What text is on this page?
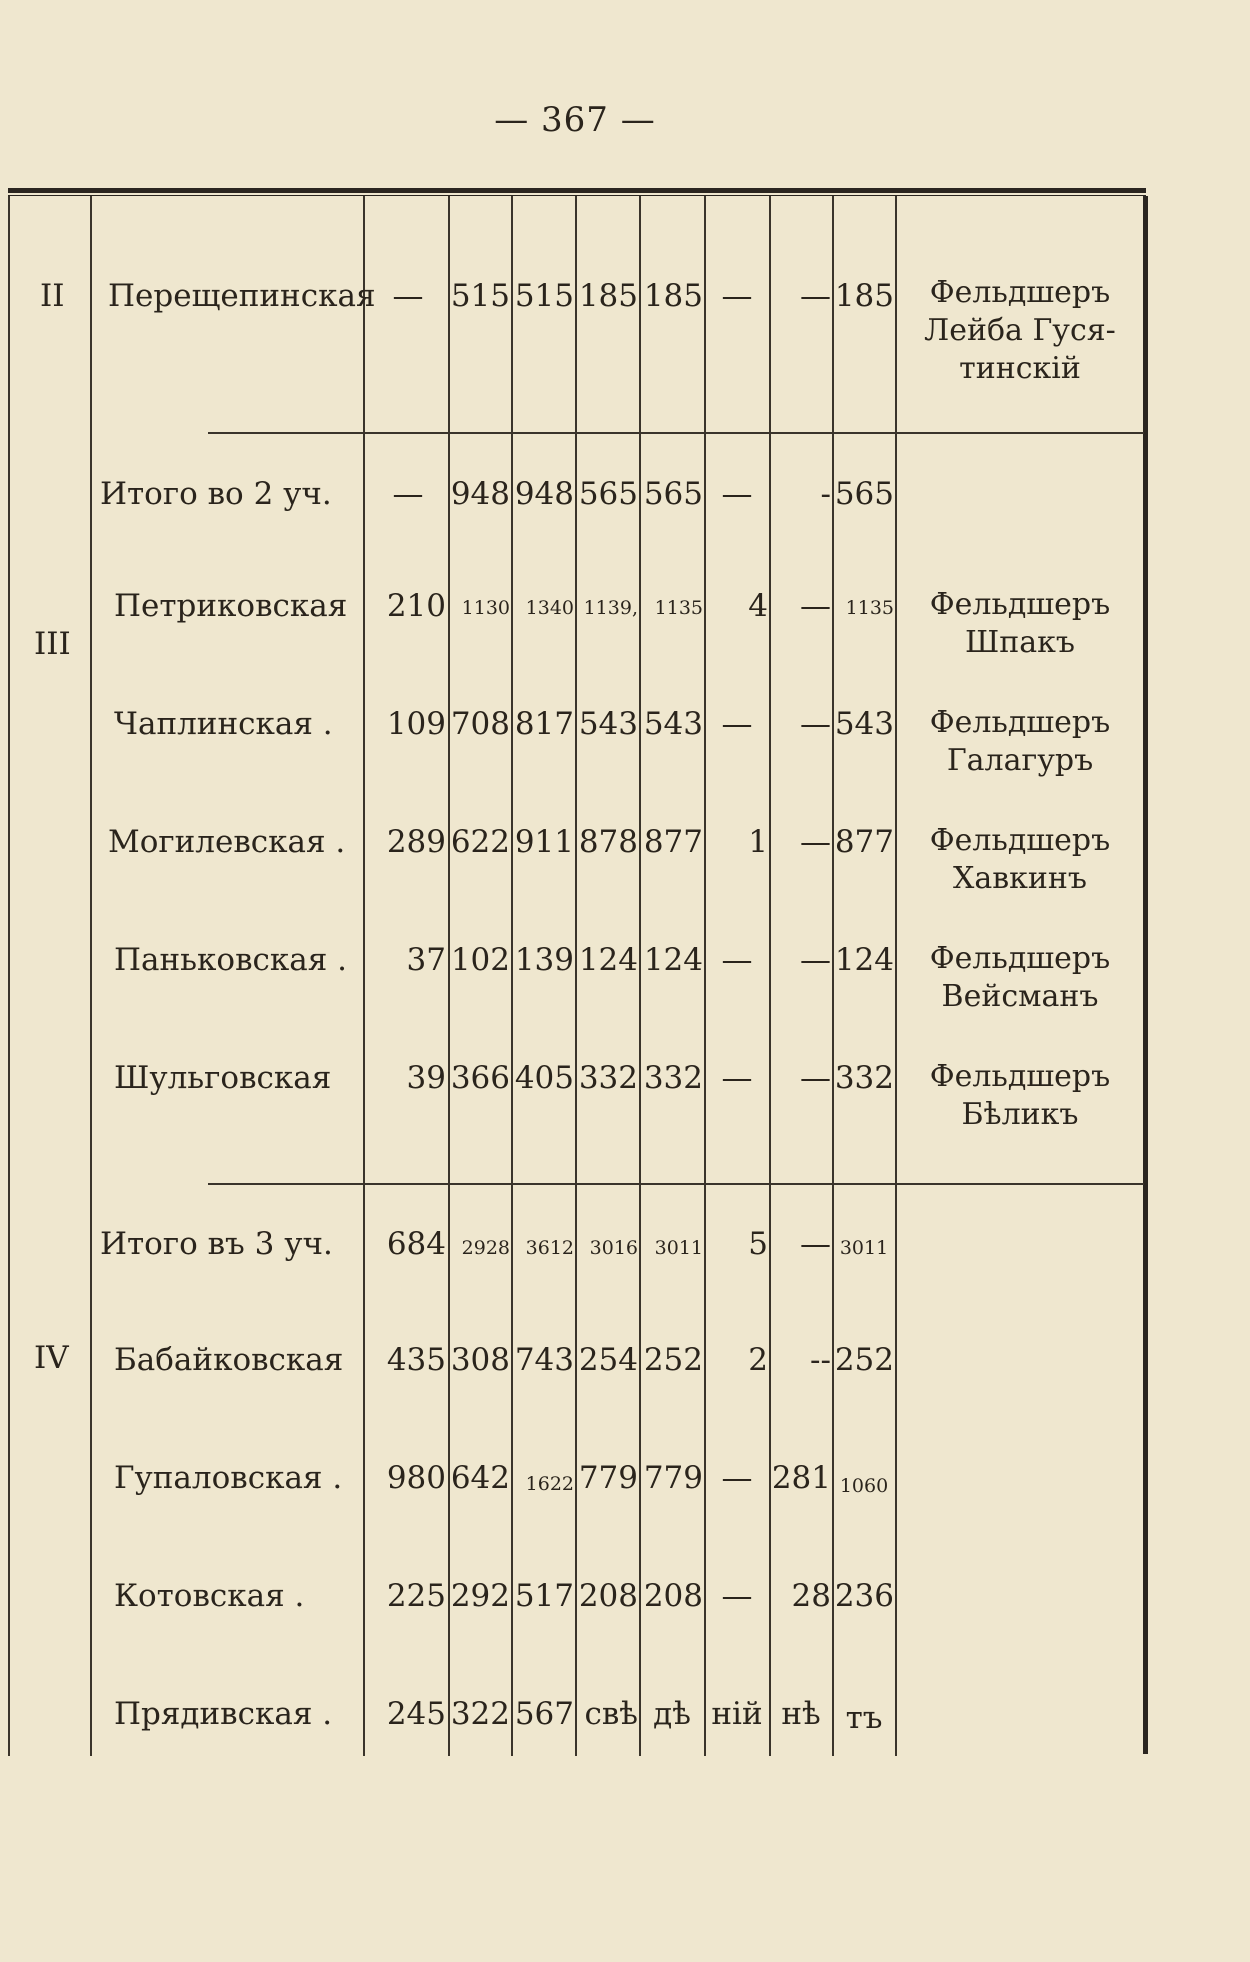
— 367 —
II Перещепинская — 515 515 185 185 —	— 185	Фельдшеръ
Лейба Гуся-
тинскій
Итого во 2 уч.	— 948 948 565 565 —	- 565
III
Петриковская	210 1130 1340 1139, 1135	4	— 1135	Фельдшеръ
Шпакъ
Чаплинская .	109 708 817 543 543 —	— 543	Фельдшеръ
Галагуръ
Могилевская .	289 622 911 878 877	1	— 877	Фельдшеръ
Хавкинъ
Паньковская .	37 102 139 124 124 —	— 124	Фельдшеръ
Вейсманъ
Шульговская	39 366 405 332 332 —	— 332	Фельдшеръ
Бѣликъ
Итого въ 3 уч.	684 2928 3612 3016 3011	5	— 3011
IV Бабайковская	435 308 743 254 252	2	-- 252
Гупаловская .	980 642 1622 779 779 — 281 1060
Котовская .	225 292 517 208 208 —	28 236
Прядивская .	245 322 567 свѣ дѣ ній нѣ тъ
